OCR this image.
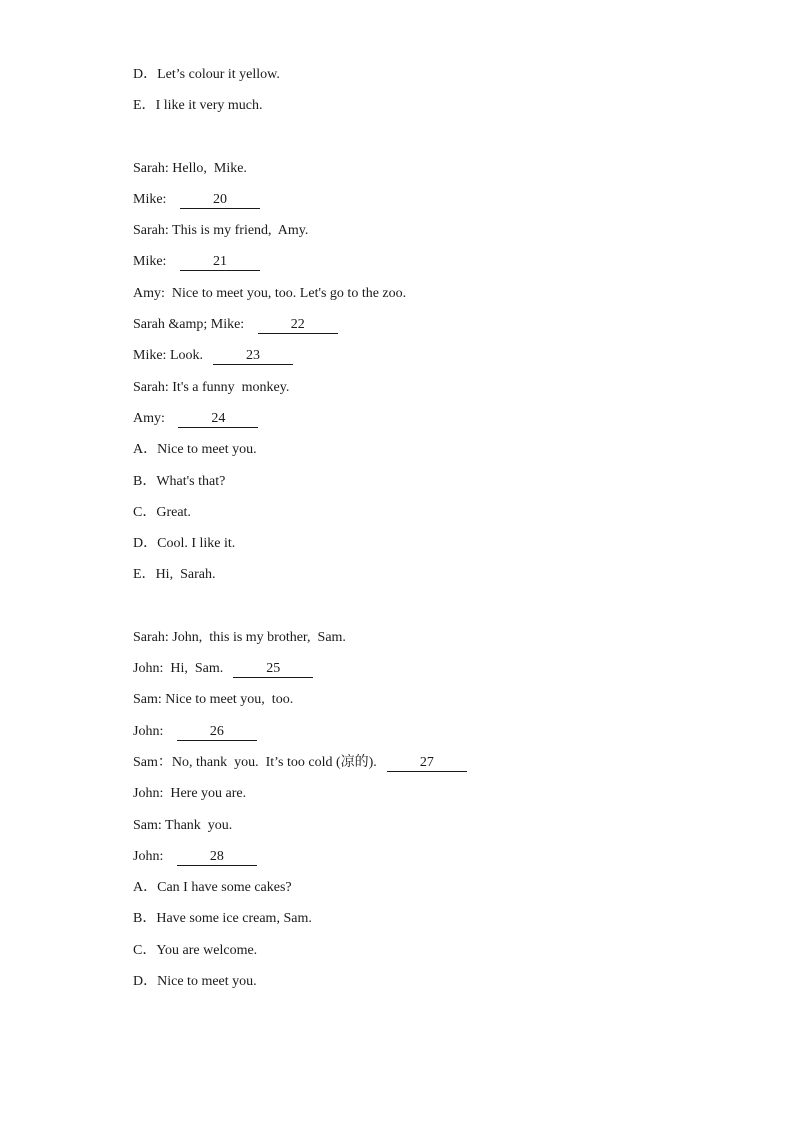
D．Let’s colour it yellow.
E．I like it very much.
Sarah: Hello,  Mike.
Mike:	20
Sarah: This is my friend,  Amy.
Mike:	21
Amy: Nice to meet you, too. Let's go to the zoo.
Sarah &amp; Mike:	22
Mike: Look.	23
Sarah: It's a funny  monkey.
Amy:	24
A．Nice to meet you.
B．What's that?
C．Great.
D．Cool. I like it.
E．Hi,  Sarah.
Sarah: John,  this is my brother,  Sam.
John: Hi,  Sam.	25
Sam: Nice to meet you,  too.
John:	26
Sam：No, thank  you.  It’s too cold (凉的).	27
John: Here you are.
Sam: Thank  you.
John:	28
A．Can I have some cakes?
B．Have some ice cream, Sam.
C．You are welcome.
D．Nice to meet you.
